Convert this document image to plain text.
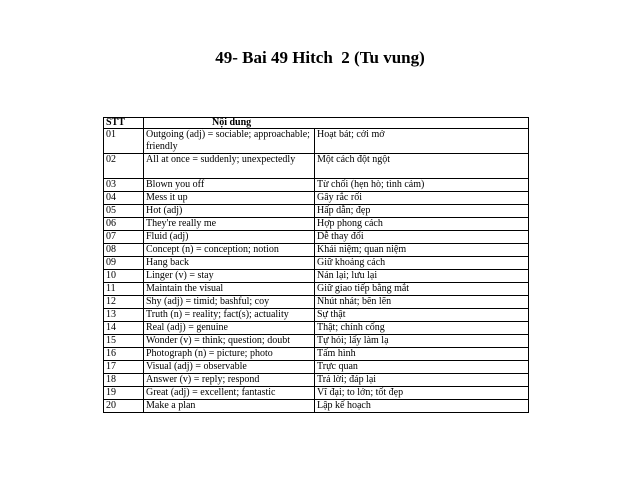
49- Bai 49 Hitch  2 (Tu vung)
STT	Nội dung	
01	Outgoing (adj) = sociable; approachable; friendly	Hoạt bát; cởi mở
02	All at once = suddenly; unexpectedly	Một cách đột ngột
03	Blown you off	Từ chối (hẹn hò; tình cảm)
04	Mess it up	Gây rắc rối
05	Hot (adj)	Hấp dẫn; đẹp
06	They're really me	Hợp phong cách
07	Fluid (adj)	Dễ thay đổi
08	Concept (n) = conception; notion	Khái niệm; quan niệm
09	Hang back	Giữ khoảng cách
10	Linger (v) = stay	Nán lại; lưu lại
11	Maintain the visual	Giữ giao tiếp bằng mắt
12	Shy (adj) = timid; bashful; coy	Nhút nhát; bẽn lẽn
13	Truth (n) = reality; fact(s); actuality	Sự thật
14	Real (adj) = genuine	Thật; chính cống
15	Wonder (v) = think; question; doubt	Tự hỏi; lấy làm lạ
16	Photograph (n) = picture; photo	Tấm hình
17	Visual (adj) = observable	Trực quan
18	Answer (v) = reply; respond	Trả lời; đáp lại
19	Great (adj) = excellent; fantastic	Vĩ đại; to lớn; tốt đẹp
20	Make a plan	Lập kế hoạch
